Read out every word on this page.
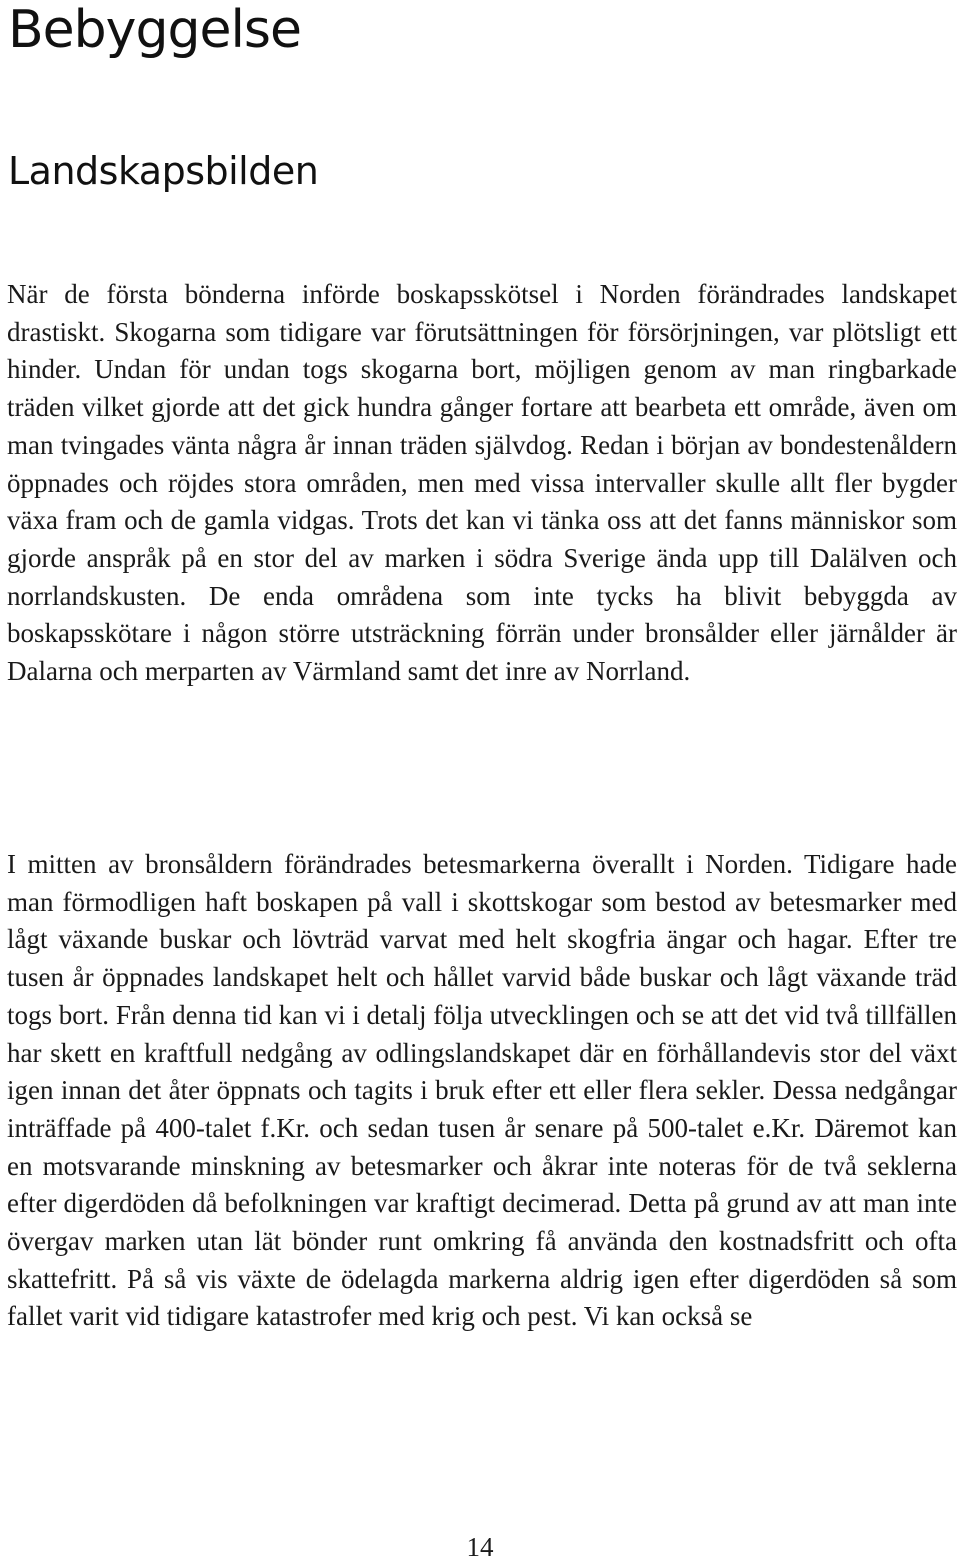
Bebyggelse
Landskapsbilden

När de första bönderna införde boskapsskötsel i Norden förändrades landskapet drastiskt. Skogarna som tidigare var förutsättningen för försörjningen, var plötsligt ett hinder. Undan för undan togs skogarna bort, möjligen genom av man ringbarkade träden vilket gjorde att det gick hundra gånger fortare att bearbeta ett område, även om man tvingades vänta några år innan träden självdog. Redan i början av bondestenåldern öppnades och röjdes stora områden, men med vissa intervaller skulle allt fler bygder växa fram och de gamla vidgas. Trots det kan vi tänka oss att det fanns människor som gjorde anspråk på en stor del av marken i södra Sverige ända upp till Dalälven och norrlandskusten. De enda områdena som inte tycks ha blivit bebyggda av boskapsskötare i någon större utsträckning förrän under bronsålder eller järnålder är Dalarna och merparten av Värmland samt det inre av Norrland.

I mitten av bronsåldern förändrades betesmarkerna överallt i Norden. Tidigare hade man förmodligen haft boskapen på vall i skottskogar som bestod av betesmarker med lågt växande buskar och lövträd varvat med helt skogfria ängar och hagar. Efter tre tusen år öppnades landskapet helt och hållet varvid både buskar och lågt växande träd togs bort. Från denna tid kan vi i detalj följa utvecklingen och se att det vid två tillfällen har skett en kraftfull nedgång av odlingslandskapet där en förhållandevis stor del växt igen innan det åter öppnats och tagits i bruk efter ett eller flera sekler. Dessa nedgångar inträffade på 400-talet f.Kr. och sedan tusen år senare på 500-talet e.Kr. Däremot kan en motsvarande minskning av betesmarker och åkrar inte noteras för de två seklerna efter digerdöden då befolkningen var kraftigt decimerad. Detta på grund av att man inte övergav marken utan lät bönder runt omkring få använda den kostnadsfritt och ofta skattefritt. På så vis växte de ödelagda markerna aldrig igen efter digerdöden så som fallet varit vid tidigare katastrofer med krig och pest. Vi kan också se

14
